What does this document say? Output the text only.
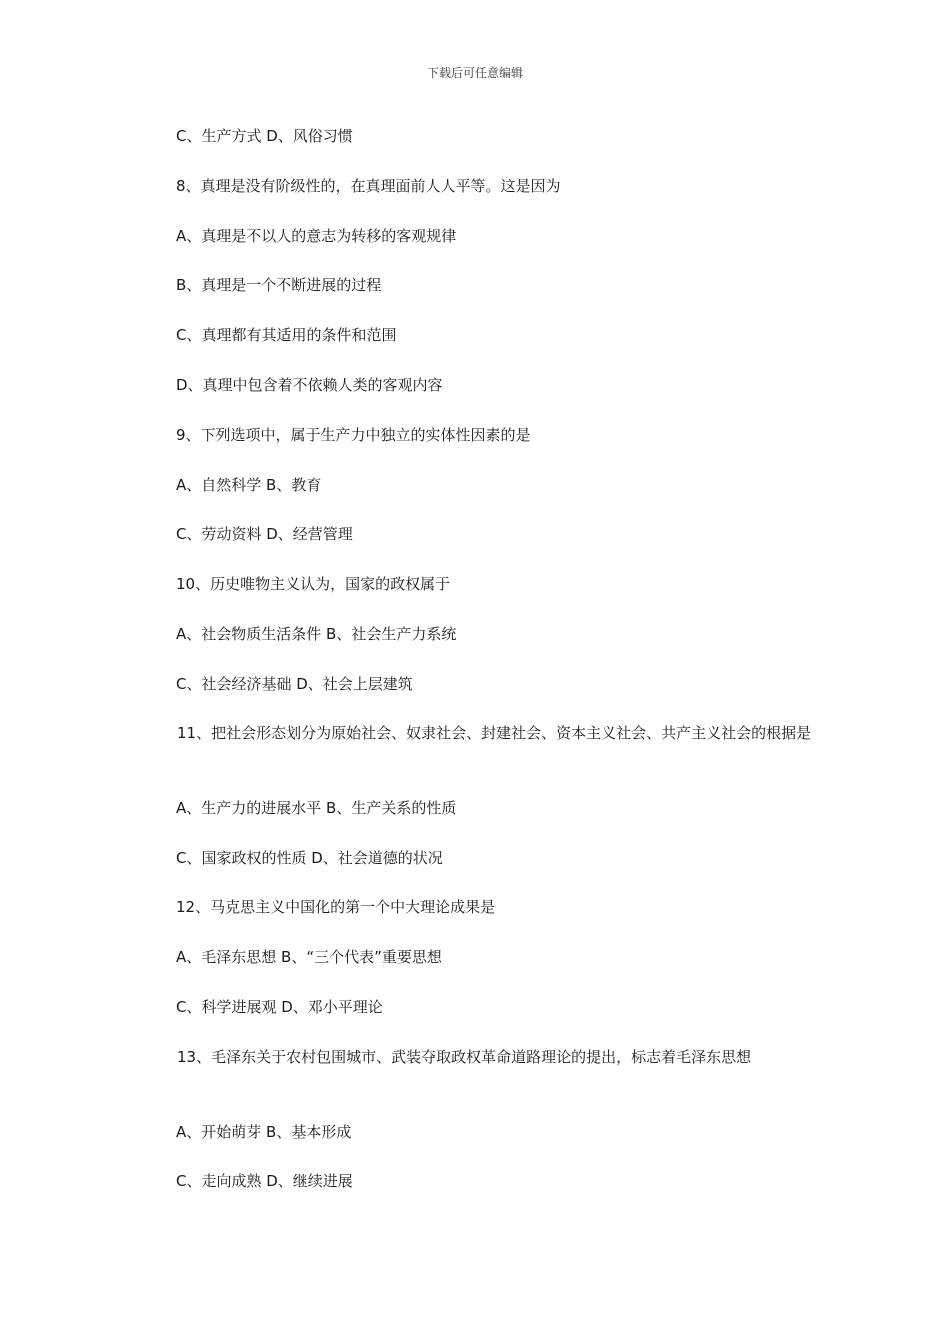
下载后可任意编辑
C、生产方式 D、风俗习惯
8、真理是没有阶级性的，在真理面前人人平等。这是因为
A、真理是不以人的意志为转移的客观规律
B、真理是一个不断进展的过程
C、真理都有其适用的条件和范围
D、真理中包含着不依赖人类的客观内容
9、下列选项中，属于生产力中独立的实体性因素的是
A、自然科学 B、教育
C、劳动资料 D、经营管理
10、历史唯物主义认为，国家的政权属于
A、社会物质生活条件 B、社会生产力系统
C、社会经济基础 D、社会上层建筑
11、把社会形态划分为原始社会、奴隶社会、封建社会、资本主义社会、共产主义社会的根据是
A、生产力的进展水平 B、生产关系的性质
C、国家政权的性质 D、社会道德的状况
12、马克思主义中国化的第一个中大理论成果是
A、毛泽东思想 B、“三个代表”重要思想
C、科学进展观 D、邓小平理论
13、毛泽东关于农村包围城市、武装夺取政权革命道路理论的提出，标志着毛泽东思想
A、开始萌芽 B、基本形成
C、走向成熟 D、继续进展
